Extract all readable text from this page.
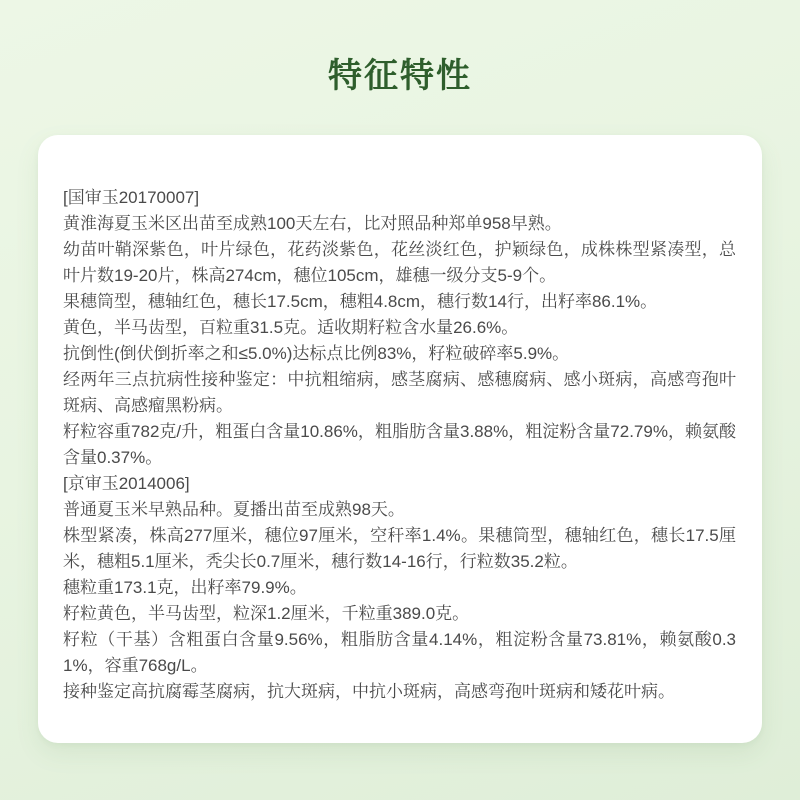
特征特性

[国审玉20170007]

黄淮海夏玉米区出苗至成熟100天左右，比对照品种郑单958早熟。

幼苗叶鞘深紫色，叶片绿色，花药淡紫色，花丝淡红色，护颖绿色，成株株型紧凑型，总叶片数19-20片，株高274cm，穗位105cm，雄穗一级分支5-9个。

果穗筒型，穗轴红色，穗长17.5cm，穗粗4.8cm，穗行数14行，出籽率86.1%。

黄色，半马齿型，百粒重31.5克。适收期籽粒含水量26.6%。

抗倒性(倒伏倒折率之和≤5.0%)达标点比例83%，籽粒破碎率5.9%。

经两年三点抗病性接种鉴定：中抗粗缩病，感茎腐病、感穗腐病、感小斑病，高感弯孢叶斑病、高感瘤黑粉病。

籽粒容重782克/升，粗蛋白含量10.86%，粗脂肪含量3.88%，粗淀粉含量72.79%，赖氨酸含量0.37%。

[京审玉2014006]

普通夏玉米早熟品种。夏播出苗至成熟98天。

株型紧凑，株高277厘米，穗位97厘米，空秆率1.4%。果穗筒型，穗轴红色，穗长17.5厘米，穗粗5.1厘米，秃尖长0.7厘米，穗行数14-16行，行粒数35.2粒。

穗粒重173.1克，出籽率79.9%。

籽粒黄色，半马齿型，粒深1.2厘米，千粒重389.0克。

籽粒（干基）含粗蛋白含量9.56%，粗脂肪含量4.14%，粗淀粉含量73.81%，赖氨酸0.31%，容重768g/L。

接种鉴定高抗腐霉茎腐病，抗大斑病，中抗小斑病，高感弯孢叶斑病和矮花叶病。
